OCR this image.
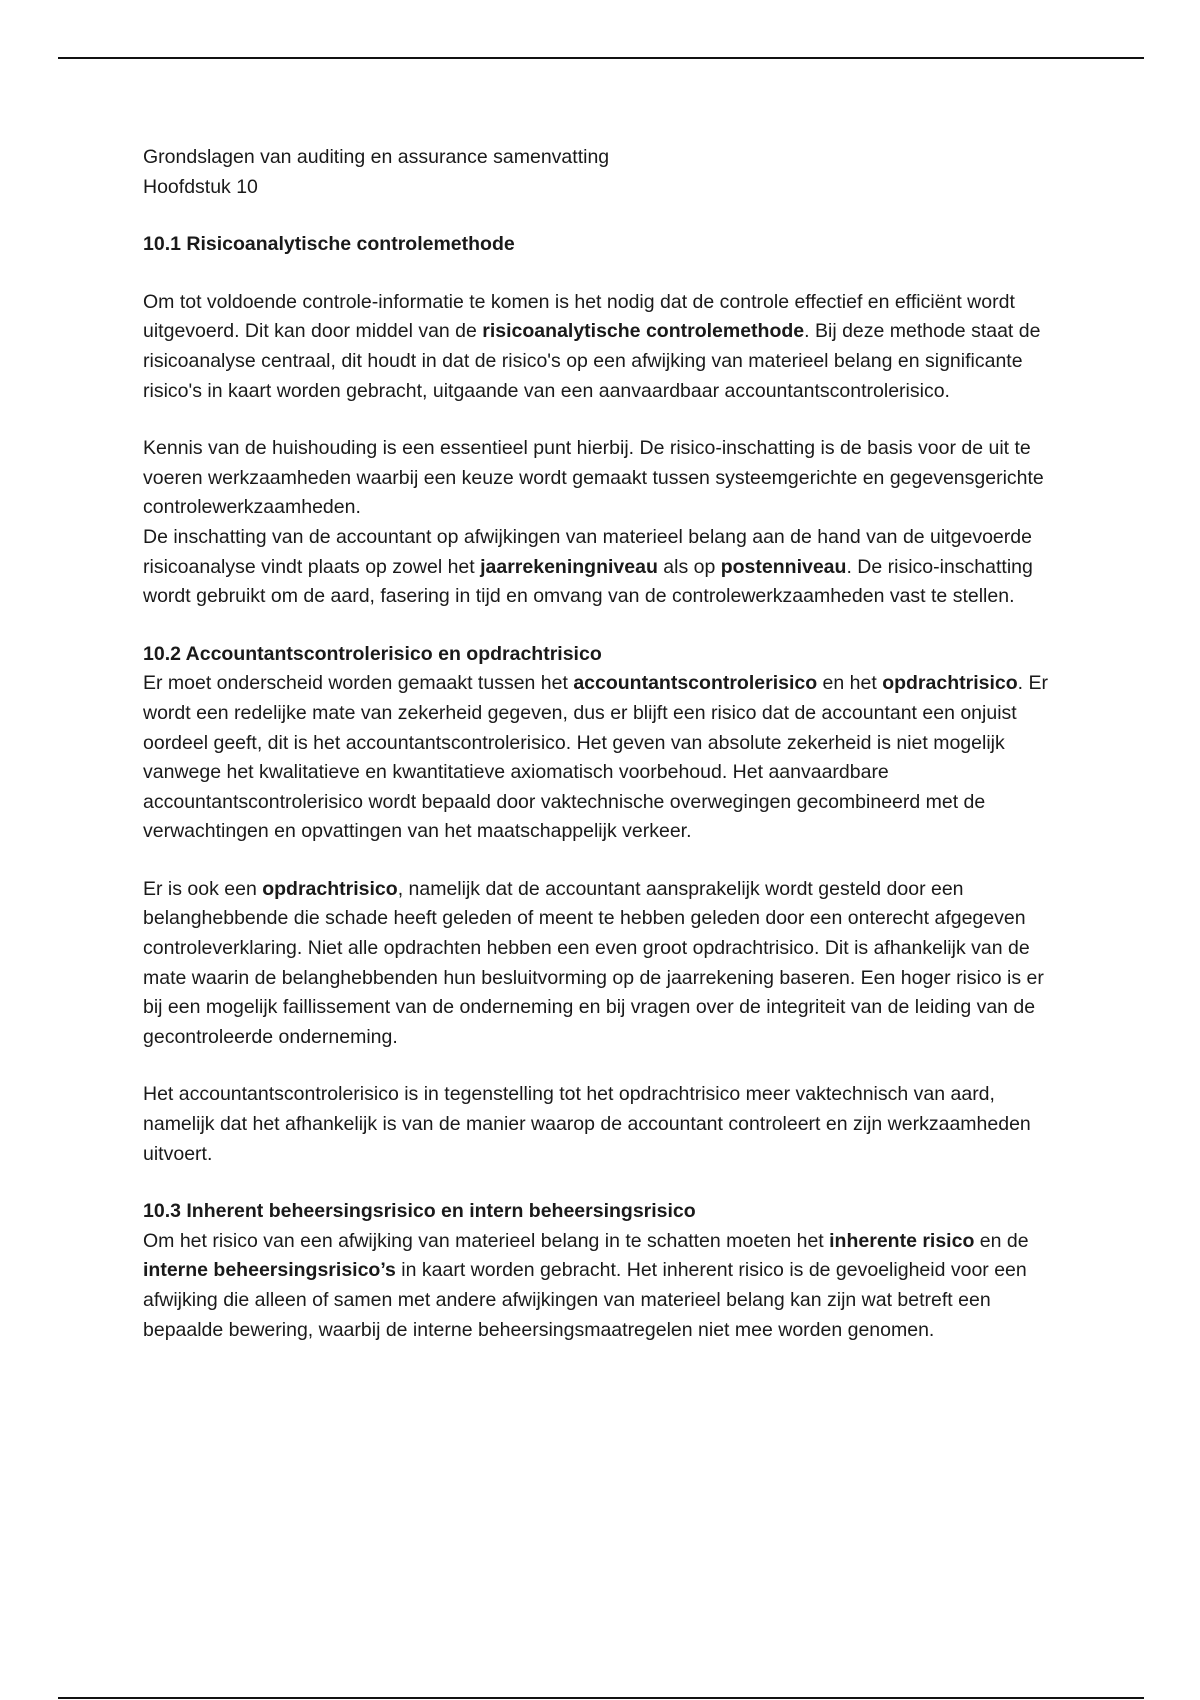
Grondslagen van auditing en assurance samenvatting

Hoofdstuk 10

10.1 Risicoanalytische controlemethode

Om tot voldoende controle-informatie te komen is het nodig dat de controle effectief en efficiënt wordt uitgevoerd. Dit kan door middel van de risicoanalytische controlemethode. Bij deze methode staat de risicoanalyse centraal, dit houdt in dat de risico's op een afwijking van materieel belang en significante risico's in kaart worden gebracht, uitgaande van een aanvaardbaar accountantscontrolerisico.

Kennis van de huishouding is een essentieel punt hierbij. De risico-inschatting is de basis voor de uit te voeren werkzaamheden waarbij een keuze wordt gemaakt tussen systeemgerichte en gegevensgerichte controlewerkzaamheden.

De inschatting van de accountant op afwijkingen van materieel belang aan de hand van de uitgevoerde risicoanalyse vindt plaats op zowel het jaarrekeningniveau als op postenniveau. De risico-inschatting wordt gebruikt om de aard, fasering in tijd en omvang van de controlewerkzaamheden vast te stellen.

10.2 Accountantscontrolerisico en opdrachtrisico

Er moet onderscheid worden gemaakt tussen het accountantscontrolerisico en het opdrachtrisico. Er wordt een redelijke mate van zekerheid gegeven, dus er blijft een risico dat de accountant een onjuist oordeel geeft, dit is het accountantscontrolerisico. Het geven van absolute zekerheid is niet mogelijk vanwege het kwalitatieve en kwantitatieve axiomatisch voorbehoud. Het aanvaardbare accountantscontrolerisico wordt bepaald door vaktechnische overwegingen gecombineerd met de verwachtingen en opvattingen van het maatschappelijk verkeer.

Er is ook een opdrachtrisico, namelijk dat de accountant aansprakelijk wordt gesteld door een belanghebbende die schade heeft geleden of meent te hebben geleden door een onterecht afgegeven controleverklaring. Niet alle opdrachten hebben een even groot opdrachtrisico. Dit is afhankelijk van de mate waarin de belanghebbenden hun besluitvorming op de jaarrekening baseren. Een hoger risico is er bij een mogelijk faillissement van de onderneming en bij vragen over de integriteit van de leiding van de gecontroleerde onderneming.

Het accountantscontrolerisico is in tegenstelling tot het opdrachtrisico meer vaktechnisch van aard, namelijk dat het afhankelijk is van de manier waarop de accountant controleert en zijn werkzaamheden uitvoert.

10.3 Inherent beheersingsrisico en intern beheersingsrisico

Om het risico van een afwijking van materieel belang in te schatten moeten het inherente risico en de interne beheersingsrisico’s in kaart worden gebracht. Het inherent risico is de gevoeligheid voor een afwijking die alleen of samen met andere afwijkingen van materieel belang kan zijn wat betreft een bepaalde bewering, waarbij de interne beheersingsmaatregelen niet mee worden genomen.
